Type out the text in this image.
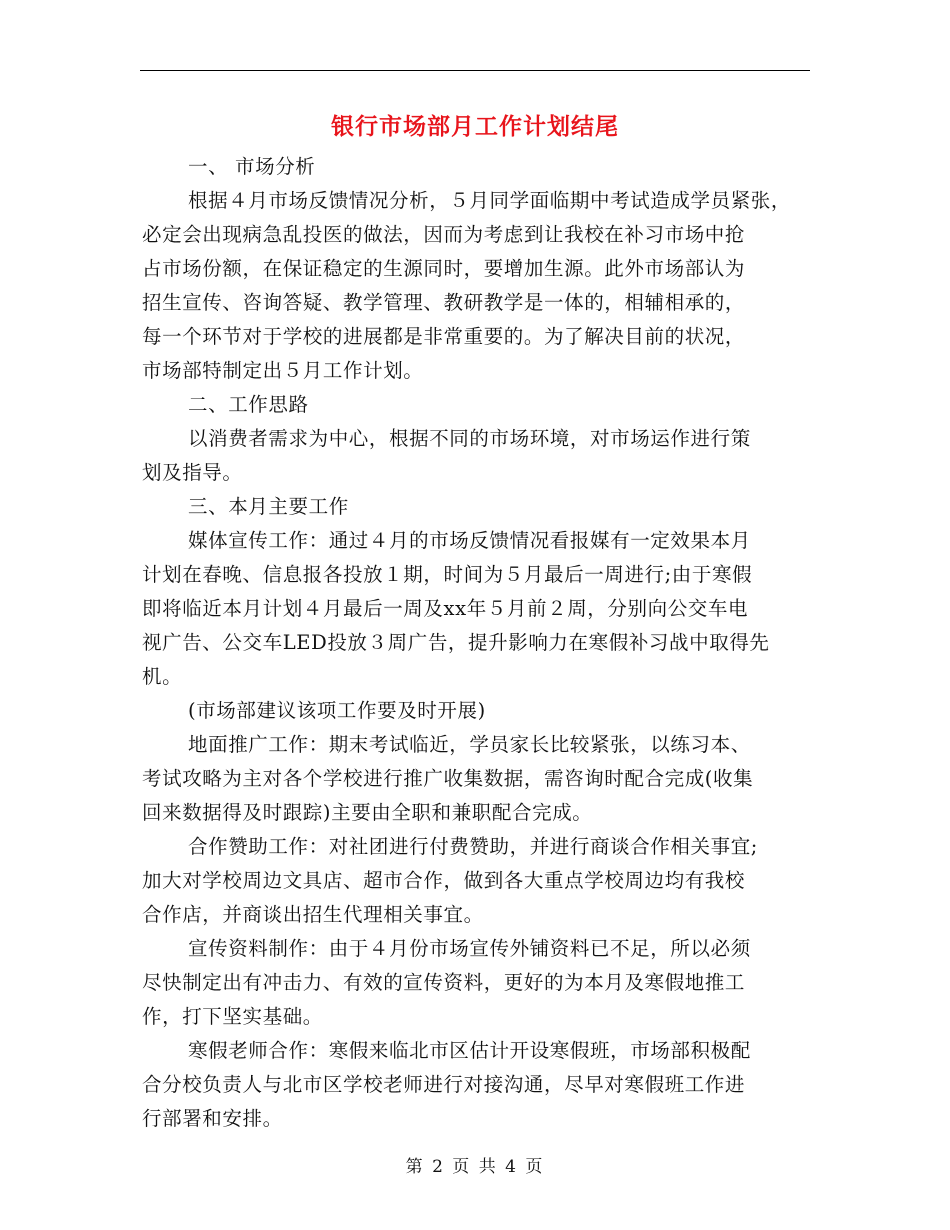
银行市场部月工作计划结尾
一、 市场分析
根据４月市场反馈情况分析，５月同学面临期中考试造成学员紧张，
必定会出现病急乱投医的做法，因而为考虑到让我校在补习市场中抢
占市场份额，在保证稳定的生源同时，要增加生源。此外市场部认为
招生宣传、咨询答疑、教学管理、教研教学是一体的，相辅相承的，
每一个环节对于学校的进展都是非常重要的。为了解决目前的状况，
市场部特制定出５月工作计划。
二、工作思路
以消费者需求为中心，根据不同的市场环境，对市场运作进行策
划及指导。
三、本月主要工作
媒体宣传工作：通过４月的市场反馈情况看报媒有一定效果本月
计划在春晚、信息报各投放１期，时间为５月最后一周进行;由于寒假
即将临近本月计划４月最后一周及xx年５月前２周，分别向公交车电
视广告、公交车LED投放３周广告，提升影响力在寒假补习战中取得先
机。
(市场部建议该项工作要及时开展)
地面推广工作：期末考试临近，学员家长比较紧张，以练习本、
考试攻略为主对各个学校进行推广收集数据，需咨询时配合完成(收集
回来数据得及时跟踪)主要由全职和兼职配合完成。
合作赞助工作：对社团进行付费赞助，并进行商谈合作相关事宜;
加大对学校周边文具店、超市合作，做到各大重点学校周边均有我校
合作店，并商谈出招生代理相关事宜。
宣传资料制作：由于４月份市场宣传外铺资料已不足，所以必须
尽快制定出有冲击力、有效的宣传资料，更好的为本月及寒假地推工
作，打下坚实基础。
寒假老师合作：寒假来临北市区估计开设寒假班，市场部积极配
合分校负责人与北市区学校老师进行对接沟通，尽早对寒假班工作进
行部署和安排。
第 2 页 共 4 页
